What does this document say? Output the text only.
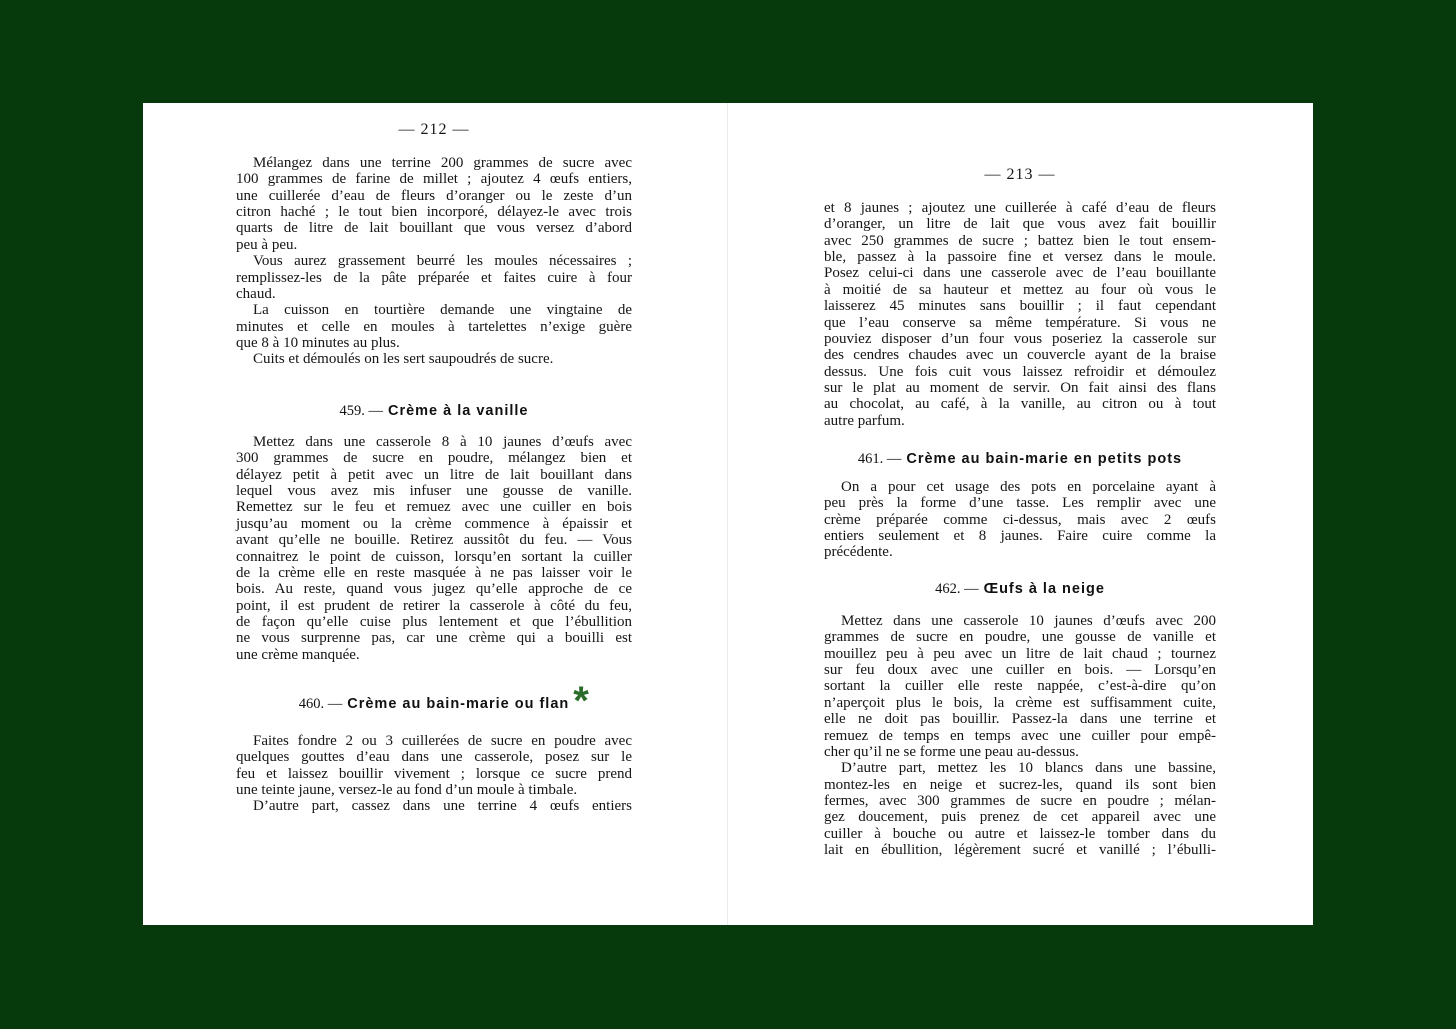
— 212 —
Mélangez dans une terrine 200 grammes de sucre avec
100 grammes de farine de millet ; ajoutez 4 œufs entiers,
une cuillerée d’eau de fleurs d’oranger ou le zeste d’un
citron haché ; le tout bien incorporé, délayez-le avec trois
quarts de litre de lait bouillant que vous versez d’abord
peu à peu.
Vous aurez grassement beurré les moules nécessaires ;
remplissez-les de la pâte préparée et faites cuire à four
chaud.
La cuisson en tourtière demande une vingtaine de
minutes et celle en moules à tartelettes n’exige guère
que 8 à 10 minutes au plus.
Cuits et démoulés on les sert saupoudrés de sucre.
459. — Crème à la vanille
Mettez dans une casserole 8 à 10 jaunes d’œufs avec
300 grammes de sucre en poudre, mélangez bien et
délayez petit à petit avec un litre de lait bouillant dans
lequel vous avez mis infuser une gousse de vanille.
Remettez sur le feu et remuez avec une cuiller en bois
jusqu’au moment ou la crème commence à épaissir et
avant qu’elle ne bouille. Retirez aussitôt du feu. — Vous
connaitrez le point de cuisson, lorsqu’en sortant la cuiller
de la crème elle en reste masquée à ne pas laisser voir le
bois. Au reste, quand vous jugez qu’elle approche de ce
point, il est prudent de retirer la casserole à côté du feu,
de façon qu’elle cuise plus lentement et que l’ébullition
ne vous surprenne pas, car une crème qui a bouilli est
une crème manquée.
460. — Crème au bain-marie ou flan *
Faites fondre 2 ou 3 cuillerées de sucre en poudre avec
quelques gouttes d’eau dans une casserole, posez sur le
feu et laissez bouillir vivement ; lorsque ce sucre prend
une teinte jaune, versez-le au fond d’un moule à timbale.
D’autre part, cassez dans une terrine 4 œufs entiers
— 213 —
et 8 jaunes ; ajoutez une cuillerée à café d’eau de fleurs
d’oranger, un litre de lait que vous avez fait bouillir
avec 250 grammes de sucre ; battez bien le tout ensem-
ble, passez à la passoire fine et versez dans le moule.
Posez celui-ci dans une casserole avec de l’eau bouillante
à moitié de sa hauteur et mettez au four où vous le
laisserez 45 minutes sans bouillir ; il faut cependant
que l’eau conserve sa même température. Si vous ne
pouviez disposer d’un four vous poseriez la casserole sur
des cendres chaudes avec un couvercle ayant de la braise
dessus. Une fois cuit vous laissez refroidir et démoulez
sur le plat au moment de servir. On fait ainsi des flans
au chocolat, au café, à la vanille, au citron ou à tout
autre parfum.
461. — Crème au bain-marie en petits pots
On a pour cet usage des pots en porcelaine ayant à
peu près la forme d’une tasse. Les remplir avec une
crème préparée comme ci-dessus, mais avec 2 œufs
entiers seulement et 8 jaunes. Faire cuire comme la
précédente.
462. — Œufs à la neige
Mettez dans une casserole 10 jaunes d’œufs avec 200
grammes de sucre en poudre, une gousse de vanille et
mouillez peu à peu avec un litre de lait chaud ; tournez
sur feu doux avec une cuiller en bois. — Lorsqu’en
sortant la cuiller elle reste nappée, c’est-à-dire qu’on
n’aperçoit plus le bois, la crème est suffisamment cuite,
elle ne doit pas bouillir. Passez-la dans une terrine et
remuez de temps en temps avec une cuiller pour empê-
cher qu’il ne se forme une peau au-dessus.
D’autre part, mettez les 10 blancs dans une bassine,
montez-les en neige et sucrez-les, quand ils sont bien
fermes, avec 300 grammes de sucre en poudre ; mélan-
gez doucement, puis prenez de cet appareil avec une
cuiller à bouche ou autre et laissez-le tomber dans du
lait en ébullition, légèrement sucré et vanillé ; l’ébulli-
